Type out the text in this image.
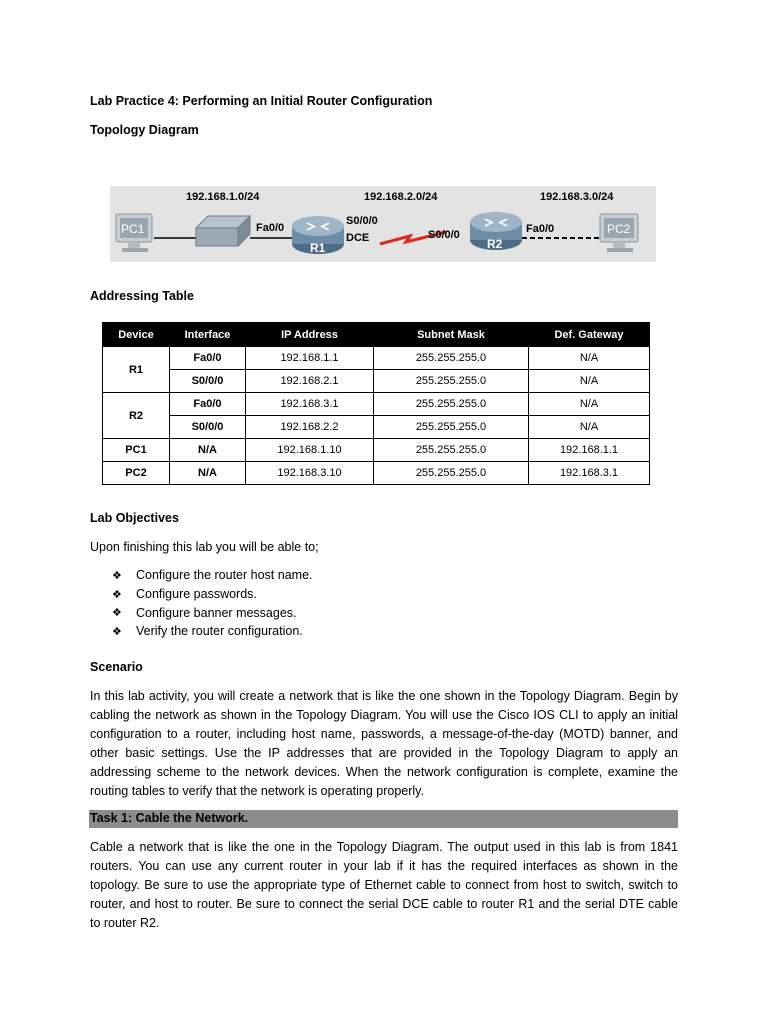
Lab Practice 4: Performing an Initial Router Configuration
Topology Diagram
192.168.1.0/24	192.168.2.0/24	192.168.3.0/24
PC1	Fa0/0
R1
S0/0/0
DCE	S0/0/0
R2
Fa0/0	PC2
Addressing Table
Device	Interface	IP Address	Subnet Mask	Def. Gateway
R1	Fa0/0	192.168.1.1	255.255.255.0	N/A
	S0/0/0	192.168.2.1	255.255.255.0	N/A
R2	Fa0/0	192.168.3.1	255.255.255.0	N/A
	S0/0/0	192.168.2.2	255.255.255.0	N/A
PC1	N/A	192.168.1.10	255.255.255.0	192.168.1.1
PC2	N/A	192.168.3.10	255.255.255.0	192.168.3.1
Lab Objectives
Upon finishing this lab you will be able to;
❖	Configure the router host name.
❖	Configure passwords.
❖	Configure banner messages.
❖	Verify the router configuration.
Scenario
In this lab activity, you will create a network that is like the one shown in the Topology Diagram. Begin by cabling the network as shown in the Topology Diagram. You will use the Cisco IOS CLI to apply an initial configuration to a router, including host name, passwords, a message-of-the-day (MOTD) banner, and other basic settings. Use the IP addresses that are provided in the Topology Diagram to apply an addressing scheme to the network devices. When the network configuration is complete, examine the routing tables to verify that the network is operating properly.
Task 1: Cable the Network.
Cable a network that is like the one in the Topology Diagram. The output used in this lab is from 1841 routers. You can use any current router in your lab if it has the required interfaces as shown in the topology. Be sure to use the appropriate type of Ethernet cable to connect from host to switch, switch to router, and host to router. Be sure to connect the serial DCE cable to router R1 and the serial DTE cable to router R2.
